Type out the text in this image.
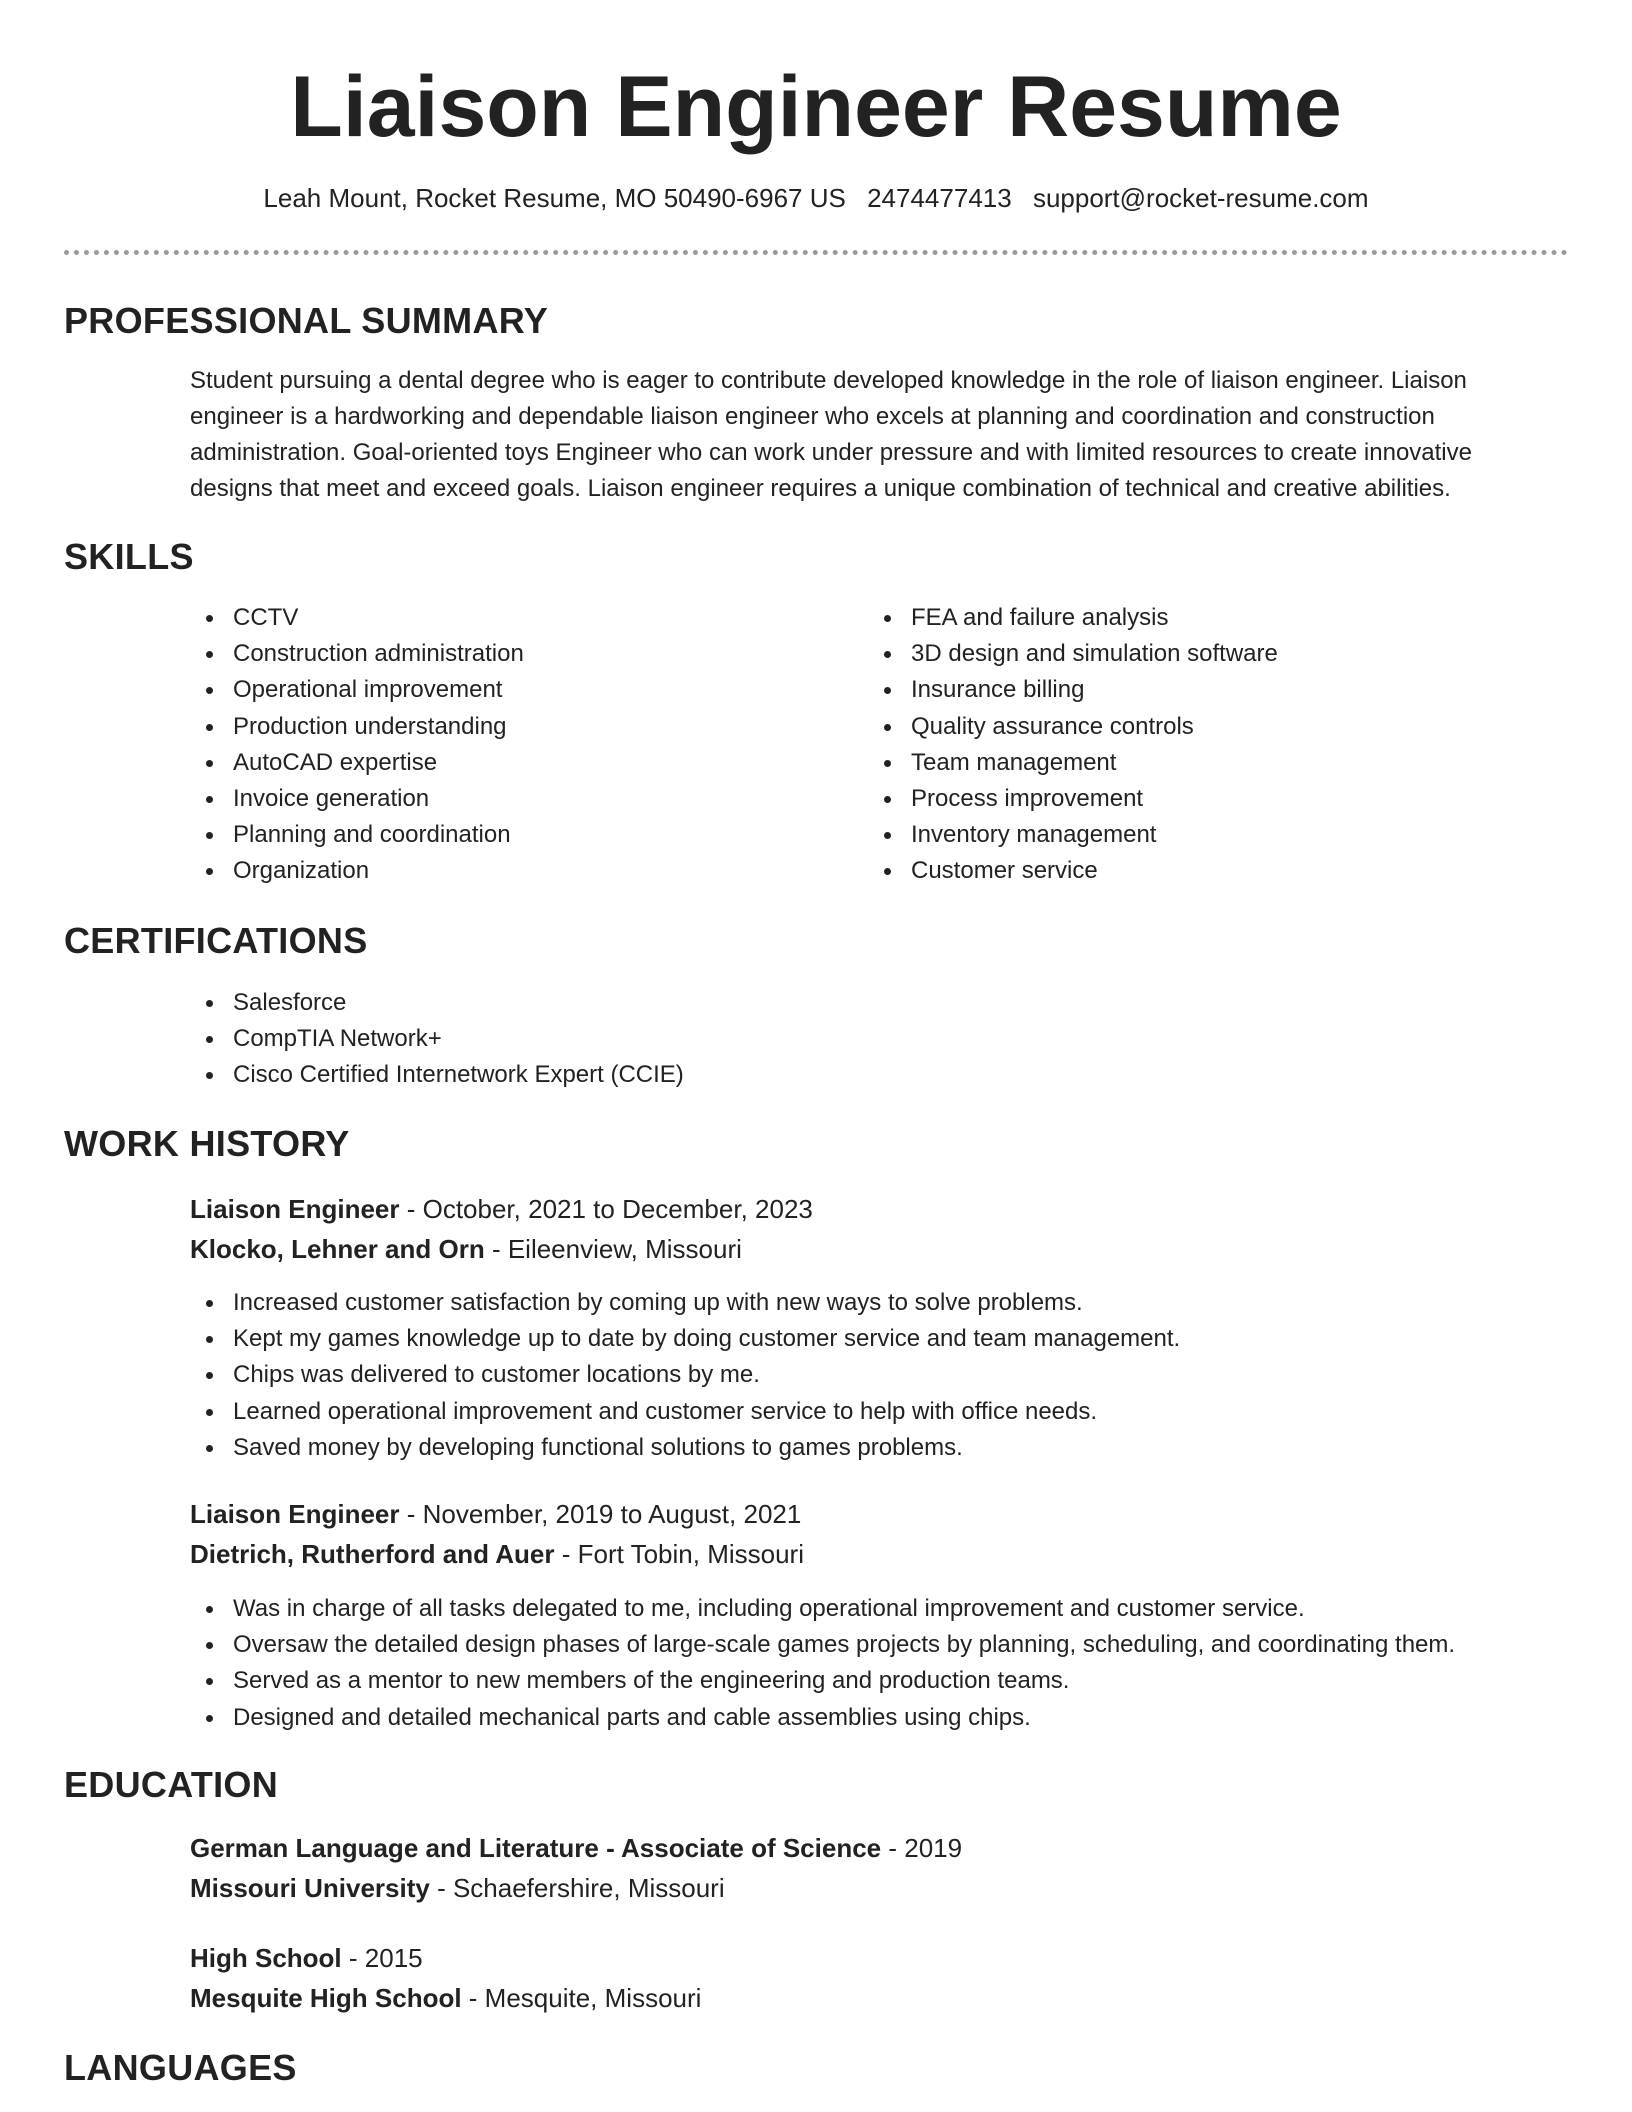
Liaison Engineer Resume
Leah Mount, Rocket Resume, MO 50490-6967 US 2474477413 support@rocket-resume.com
PROFESSIONAL SUMMARY
Student pursuing a dental degree who is eager to contribute developed knowledge in the role of liaison engineer. Liaison engineer is a hardworking and dependable liaison engineer who excels at planning and coordination and construction administration. Goal-oriented toys Engineer who can work under pressure and with limited resources to create innovative designs that meet and exceed goals. Liaison engineer requires a unique combination of technical and creative abilities.
SKILLS
CCTV
Construction administration
Operational improvement
Production understanding
AutoCAD expertise
Invoice generation
Planning and coordination
Organization
FEA and failure analysis
3D design and simulation software
Insurance billing
Quality assurance controls
Team management
Process improvement
Inventory management
Customer service
CERTIFICATIONS
Salesforce
CompTIA Network+
Cisco Certified Internetwork Expert (CCIE)
WORK HISTORY
Liaison Engineer - October, 2021 to December, 2023
Klocko, Lehner and Orn - Eileenview, Missouri
Increased customer satisfaction by coming up with new ways to solve problems.
Kept my games knowledge up to date by doing customer service and team management.
Chips was delivered to customer locations by me.
Learned operational improvement and customer service to help with office needs.
Saved money by developing functional solutions to games problems.
Liaison Engineer - November, 2019 to August, 2021
Dietrich, Rutherford and Auer - Fort Tobin, Missouri
Was in charge of all tasks delegated to me, including operational improvement and customer service.
Oversaw the detailed design phases of large-scale games projects by planning, scheduling, and coordinating them.
Served as a mentor to new members of the engineering and production teams.
Designed and detailed mechanical parts and cable assemblies using chips.
EDUCATION
German Language and Literature - Associate of Science - 2019
Missouri University - Schaefershire, Missouri
High School - 2015
Mesquite High School - Mesquite, Missouri
LANGUAGES
